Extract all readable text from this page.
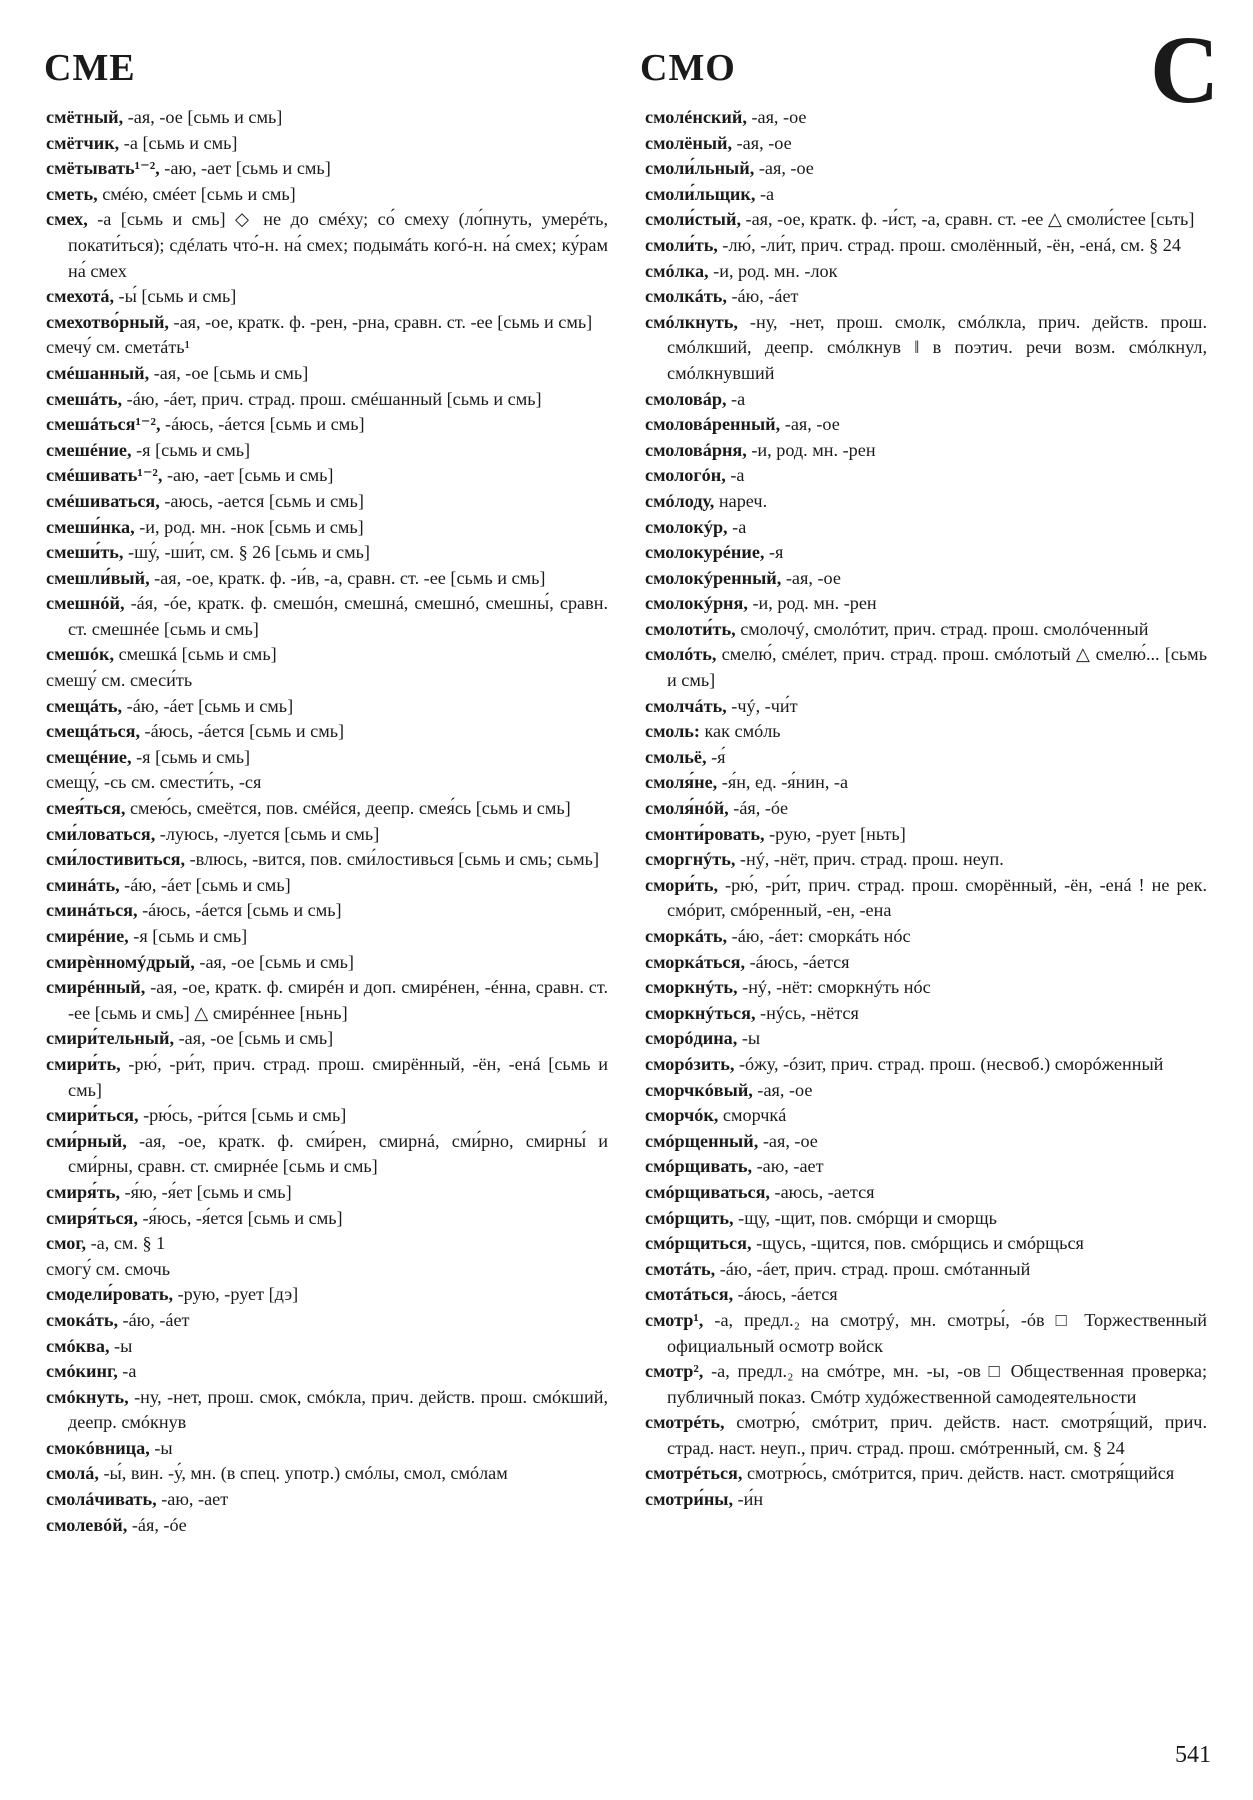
СМЕ	СМО	С
смётный, -ая, -ое [сьмь и смь]
смётчик, -а [сьмь и смь]
смётывать¹⁻², -аю, -ает [сьмь и смь]
сметь, смéю, смéет [сьмь и смь]
смех, -а [сьмь и смь] ◇ не до смéху; со́ смеху (ло́пнуть, умерéть, покати́ться); сдéлать что́-н. на́ смех; подымáть когó-н. на́ смех; ку́рам на́ смех
смехотá, -ы́ [сьмь и смь]
смехотво́рный, -ая, -ое, кратк. ф. -рен, -рна, сравн. ст. -ее [сьмь и смь]
смечу́ см. сметáть¹
смéшанный, -ая, -ое [сьмь и смь]
смешáть, -áю, -áет, прич. страд. прош. смéшанный [сьмь и смь]
смешáться¹⁻², -áюсь, -áется [сьмь и смь]
смешéние, -я [сьмь и смь]
смéшивать¹⁻², -аю, -ает [сьмь и смь]
смéшиваться, -аюсь, -ается [сьмь и смь]
смеши́нка, -и, род. мн. -нок [сьмь и смь]
смеши́ть, -шу́, -ши́т, см. § 26 [сьмь и смь]
смешли́вый, -ая, -ое, кратк. ф. -и́в, -а, сравн. ст. -ее [сьмь и смь]
смешнóй, -áя, -óе, кратк. ф. смешóн, смешнá, смешнó, смешны́, сравн. ст. смешнéе [сьмь и смь]
смешóк, смешкá [сьмь и смь]
смешу́ см. смеси́ть
смещáть, -áю, -áет [сьмь и смь]
смещáться, -áюсь, -áется [сьмь и смь]
смещéние, -я [сьмь и смь]
смещу́, -сь см. смести́ть, -ся
смея́ться, смею́сь, смеётся, пов. смéйся, деепр. смея́сь [сьмь и смь]
сми́ловаться, -луюсь, -луется [сьмь и смь]
сми́лостивиться, -влюсь, -вится, пов. сми́лостивься [сьмь и смь; сьмь]
сминáть, -áю, -áет [сьмь и смь]
сминáться, -áюсь, -áется [сьмь и смь]
смирéние, -я [сьмь и смь]
смирèнномýдрый, -ая, -ое [сьмь и смь]
смирéнный, -ая, -ое, кратк. ф. смирéн и доп. смирéнен, -éнна, сравн. ст. -ее [сьмь и смь] △ смирéннее [ньнь]
смири́тельный, -ая, -ое [сьмь и смь]
смири́ть, -рю́, -ри́т, прич. страд. прош. смирённый, -ён, -енá [сьмь и смь]
смири́ться, -рю́сь, -ри́тся [сьмь и смь]
сми́рный, -ая, -ое, кратк. ф. сми́рен, смирнá, сми́рно, смирны́ и сми́рны, сравн. ст. смирнéе [сьмь и смь]
смиря́ть, -я́ю, -я́ет [сьмь и смь]
смиря́ться, -я́юсь, -я́ется [сьмь и смь]
смог, -а, см. § 1
смогу́ см. смочь
смодели́ровать, -рую, -рует [дэ]
смокáть, -áю, -áет
смóква, -ы
смóкинг, -а
смóкнуть, -ну, -нет, прош. смок, смóкла, прич. действ. прош. смóкший, деепр. смóкнув
смокóвница, -ы
смолá, -ы́, вин. -у́, мн. (в спец. употр.) смóлы, смол, смóлам
смолáчивать, -аю, -ает
смолевóй, -áя, -óе
смолéнский, -ая, -ое
смолёный, -ая, -ое
смоли́льный, -ая, -ое
смоли́льщик, -а
смоли́стый, -ая, -ое, кратк. ф. -и́ст, -а, сравн. ст. -ее △ смоли́стее [сьть]
смоли́ть, -лю́, -ли́т, прич. страд. прош. смолённый, -ён, -енá, см. § 24
смóлка, -и, род. мн. -лок
смолкáть, -áю, -áет
смóлкнуть, -ну, -нет, прош. смолк, смóлкла, прич. действ. прош. смóлкший, деепр. смóлкнув ‖ в поэтич. речи возм. смóлкнул, смóлкнувший
смоловáр, -а
смоловáренный, -ая, -ое
смоловáрня, -и, род. мн. -рен
смологóн, -а
смóлоду, нареч.
смолокýр, -а
смолокурéние, -я
смолокýренный, -ая, -ое
смолокýрня, -и, род. мн. -рен
смолоти́ть, смолочý, смолóтит, прич. страд. прош. смолóченный
смолóть, смелю́, смéлет, прич. страд. прош. смóлотый △ смелю́... [сьмь и смь]
смолчáть, -чý, -чи́т
смоль: как смóль
смольё, -я́
смоля́не, -я́н, ед. -я́нин, -а
смоля́нóй, -áя, -óе
смонти́ровать, -рую, -рует [ньть]
сморгнýть, -нý, -нёт, прич. страд. прош. неуп.
смори́ть, -рю́, -ри́т, прич. страд. прош. сморённый, -ён, -енá ! не рек. смóрит, смóренный, -ен, -ена
сморкáть, -áю, -áет: сморкáть нóс
сморкáться, -áюсь, -áется
сморкнýть, -нý, -нёт: сморкнýть нóс
сморкнýться, -нýсь, -нётся
сморóдина, -ы
сморóзить, -óжу, -óзит, прич. страд. прош. (несвоб.) сморóженный
сморчкóвый, -ая, -ое
сморчóк, сморчкá
смóрщенный, -ая, -ое
смóрщивать, -аю, -ает
смóрщиваться, -аюсь, -ается
смóрщить, -щу, -щит, пов. смóрщи и сморщь
смóрщиться, -щусь, -щится, пов. смóрщись и смóрщься
смотáть, -áю, -áет, прич. страд. прош. смóтанный
смотáться, -áюсь, -áется
смотр¹, -а, предл.₂ на смотрý, мн. смотры́, -óв □ Торжественный официальный осмотр войск
смотр², -а, предл.₂ на смóтре, мн. -ы, -ов □ Общественная проверка; публичный показ. Смóтр худóжественной самодеятельности
смотрéть, смотрю́, смóтрит, прич. действ. наст. смотря́щий, прич. страд. наст. неуп., прич. страд. прош. смóтренный, см. § 24
смотрéться, смотрю́сь, смóтрится, прич. действ. наст. смотря́щийся
смотри́ны, -и́н
541
